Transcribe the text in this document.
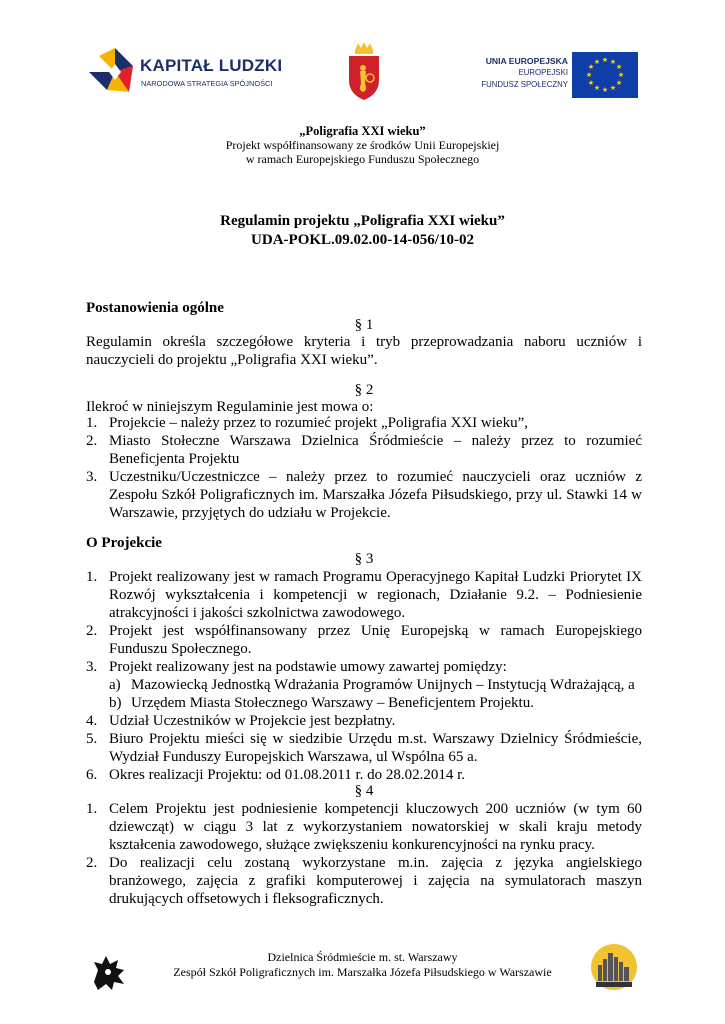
KAPITAŁ LUDZKI
NARODOWA STRATEGIA SPÓJNOŚCI
UNIA EUROPEJSKA
EUROPEJSKI
FUNDUSZ SPOŁECZNY
★ ★
★
★
★
★
★
★
★
★
★
★
„Poligrafia XXI wieku”
Projekt współfinansowany ze środków Unii Europejskiej
w ramach Europejskiego Funduszu Społecznego
Regulamin projektu „Poligrafia XXI wieku”
UDA-POKL.09.02.00-14-056/10-02
Postanowienia ogólne
§ 1
Regulamin określa szczegółowe kryteria i tryb przeprowadzania naboru uczniów i nauczycieli do projektu „Poligrafia XXI wieku”.
§ 2
Ilekroć w niniejszym Regulaminie jest mowa o:
1. Projekcie – należy przez to rozumieć projekt „Poligrafia XXI wieku”,
2. Miasto Stołeczne Warszawa Dzielnica Śródmieście – należy przez to rozumieć Beneficjenta Projektu
3. Uczestniku/Uczestniczce – należy przez to rozumieć nauczycieli oraz uczniów z Zespołu Szkół Poligraficznych im. Marszałka Józefa Piłsudskiego, przy ul. Stawki 14 w Warszawie, przyjętych do udziału w Projekcie.
O Projekcie
§ 3
1. Projekt realizowany jest w ramach Programu Operacyjnego Kapitał Ludzki Priorytet IX Rozwój wykształcenia i kompetencji w regionach, Działanie 9.2. – Podniesienie atrakcyjności i jakości szkolnictwa zawodowego.
2. Projekt jest współfinansowany przez Unię Europejską w ramach Europejskiego Funduszu Społecznego.
3. Projekt realizowany jest na podstawie umowy zawartej pomiędzy:
a) Mazowiecką Jednostką Wdrażania Programów Unijnych – Instytucją Wdrażającą, a
b) Urzędem Miasta Stołecznego Warszawy – Beneficjentem Projektu.
4. Udział Uczestników w Projekcie jest bezpłatny.
5. Biuro Projektu mieści się w siedzibie Urzędu m.st. Warszawy Dzielnicy Śródmieście, Wydział Funduszy Europejskich Warszawa, ul Wspólna 65 a.
6. Okres realizacji Projektu: od 01.08.2011 r. do 28.02.2014 r.
§ 4
1. Celem Projektu jest podniesienie kompetencji kluczowych 200 uczniów (w tym 60 dziewcząt) w ciągu 3 lat z wykorzystaniem nowatorskiej w skali kraju metody kształcenia zawodowego, służące zwiększeniu konkurencyjności na rynku pracy.
2. Do realizacji celu zostaną wykorzystane m.in. zajęcia z języka angielskiego branżowego, zajęcia z grafiki komputerowej i zajęcia na symulatorach maszyn drukujących offsetowych i fleksograficznych.
Dzielnica Śródmieście m. st. Warszawy
Zespół Szkół Poligraficznych im. Marszałka Józefa Piłsudskiego w Warszawie
